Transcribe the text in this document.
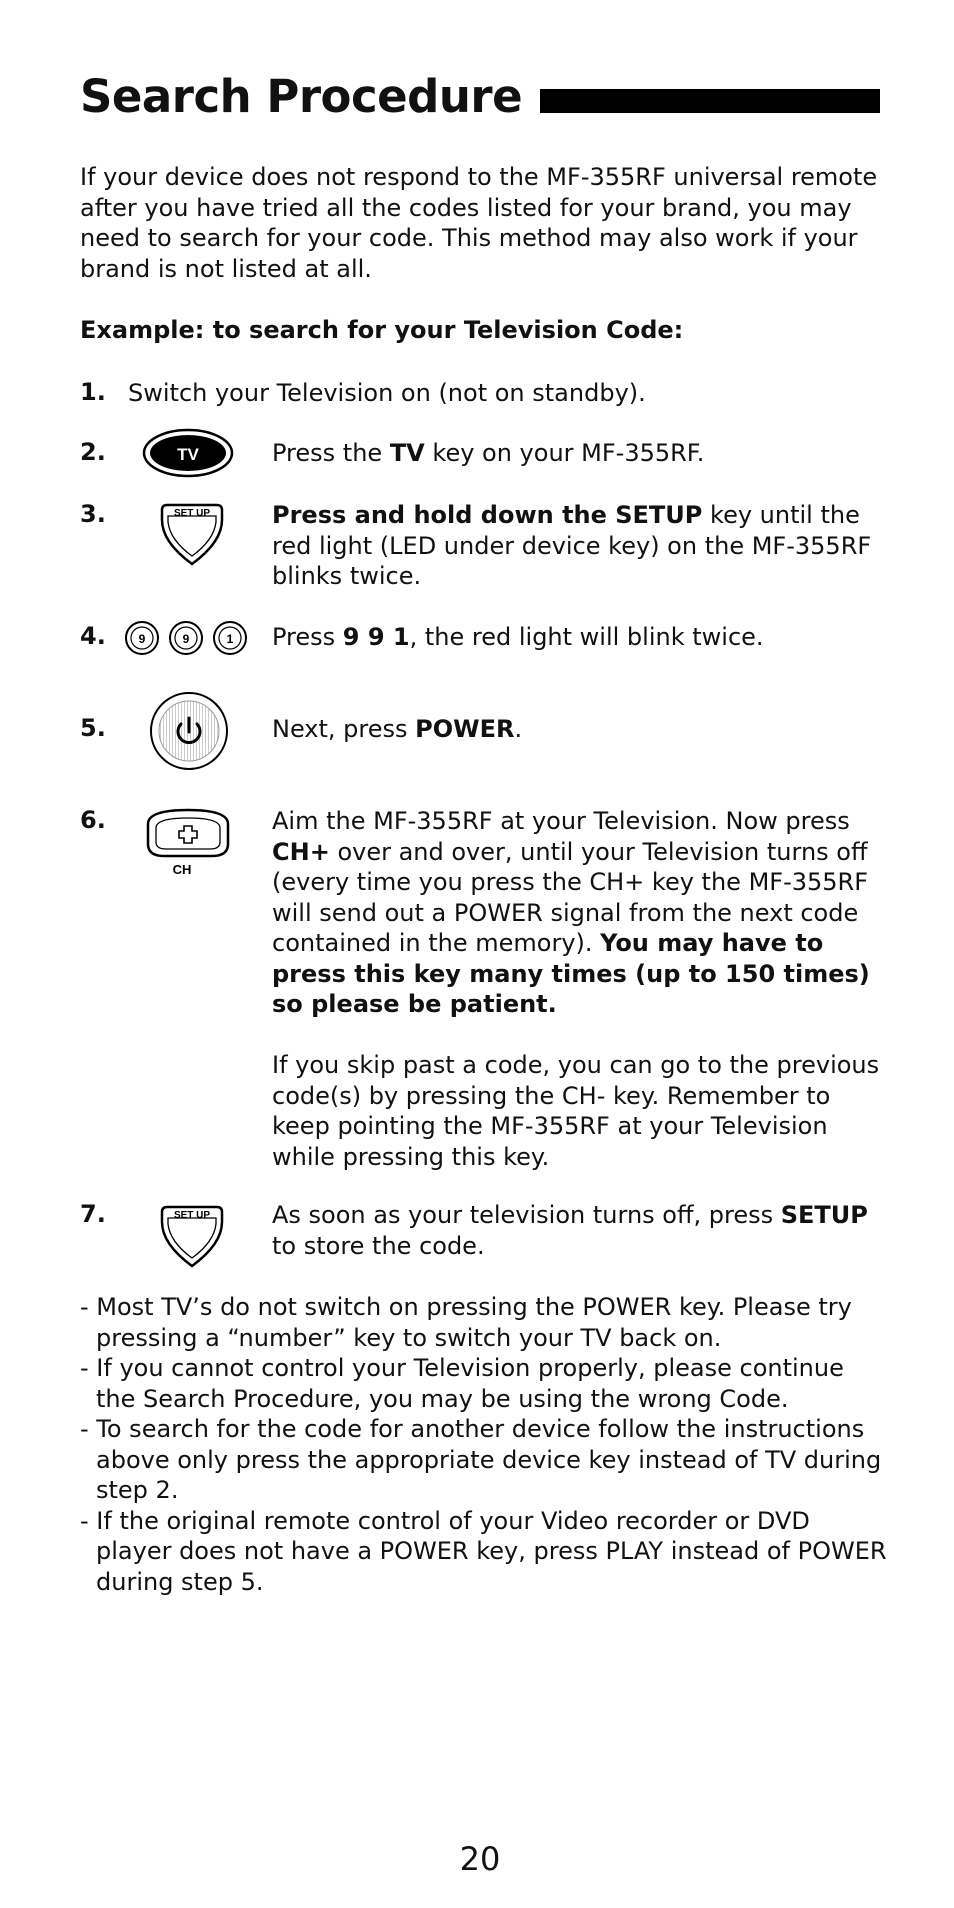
Search Procedure
If your device does not respond to the MF-355RF universal remote after you have tried all the codes listed for your brand, you may need to search for your code. This method may also work if your brand is not listed at all.
Example: to search for your Television Code:
1. Switch your Television on (not on standby).
2.	TV	Press the TV key on your MF-355RF.
3.	SET UP	Press and hold down the SETUP key until the red light (LED under device key) on the MF-355RF blinks twice.
4.	9	9	1 Press 9 9 1, the red light will blink twice.
5.	Next, press POWER.
6.
CH
Aim the MF-355RF at your Television. Now press CH+ over and over, until your Television turns off (every time you press the CH+ key the MF-355RF will send out a POWER signal from the next code contained in the memory). You may have to press this key many times (up to 150 times) so please be patient.
If you skip past a code, you can go to the previous code(s) by pressing the CH- key. Remember to keep pointing the MF-355RF at your Television while pressing this key.
7.	SET UP	As soon as your television turns off, press SETUP to store the code.
- Most TV’s do not switch on pressing the POWER key. Please try pressing a “number” key to switch your TV back on.
- If you cannot control your Television properly, please continue the Search Procedure, you may be using the wrong Code.
- To search for the code for another device follow the instructions above only press the appropriate device key instead of TV during step 2.
- If the original remote control of your Video recorder or DVD player does not have a POWER key, press PLAY instead of POWER during step 5.
20
